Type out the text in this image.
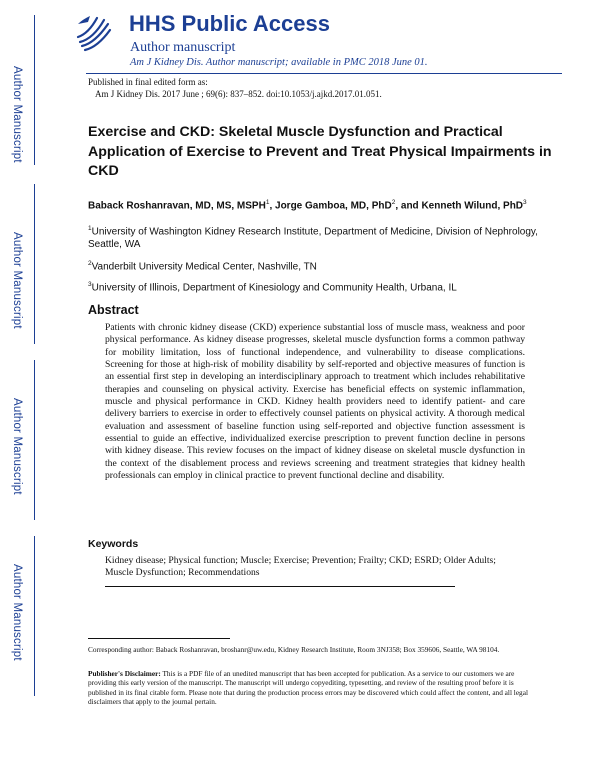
Author Manuscript
Author Manuscript
Author Manuscript
Author Manuscript
HHS Public Access
Author manuscript
Am J Kidney Dis. Author manuscript; available in PMC 2018 June 01.
Published in final edited form as:
Am J Kidney Dis. 2017 June ; 69(6): 837–852. doi:10.1053/j.ajkd.2017.01.051.
Exercise and CKD: Skeletal Muscle Dysfunction and Practical Application of Exercise to Prevent and Treat Physical Impairments in CKD
Baback Roshanravan, MD, MS, MSPH$^1$, Jorge Gamboa, MD, PhD$^2$, and Kenneth Wilund, PhD$^3$
$^1$University of Washington Kidney Research Institute, Department of Medicine, Division of Nephrology, Seattle, WA
$^2$Vanderbilt University Medical Center, Nashville, TN
$^3$University of Illinois, Department of Kinesiology and Community Health, Urbana, IL
Abstract
Patients with chronic kidney disease (CKD) experience substantial loss of muscle mass, weakness and poor physical performance. As kidney disease progresses, skeletal muscle dysfunction forms a common pathway for mobility limitation, loss of functional independence, and vulnerability to disease complications. Screening for those at high-risk of mobility disability by self-reported and objective measures of function is an essential first step in developing an interdisciplinary approach to treatment which includes rehabilitative therapies and counseling on physical activity. Exercise has beneficial effects on systemic inflammation, muscle and physical performance in CKD. Kidney health providers need to identify patient- and care delivery barriers to exercise in order to effectively counsel patients on physical activity. A thorough medical evaluation and assessment of baseline function using self-reported and objective function assessment is essential to guide an effective, individualized exercise prescription to prevent function decline in persons with kidney disease. This review focuses on the impact of kidney disease on skeletal muscle dysfunction in the context of the disablement process and reviews screening and treatment strategies that kidney health professionals can employ in clinical practice to prevent functional decline and disability.
Keywords
Kidney disease; Physical function; Muscle; Exercise; Prevention; Frailty; CKD; ESRD; Older Adults; Muscle Dysfunction; Recommendations
Corresponding author: Baback Roshanravan, broshanr@uw.edu, Kidney Research Institute, Room 3NJ358; Box 359606, Seattle, WA 98104.
Publisher's Disclaimer: This is a PDF file of an unedited manuscript that has been accepted for publication. As a service to our customers we are providing this early version of the manuscript. The manuscript will undergo copyediting, typesetting, and review of the resulting proof before it is published in its final citable form. Please note that during the production process errors may be discovered which could affect the content, and all legal disclaimers that apply to the journal pertain.
